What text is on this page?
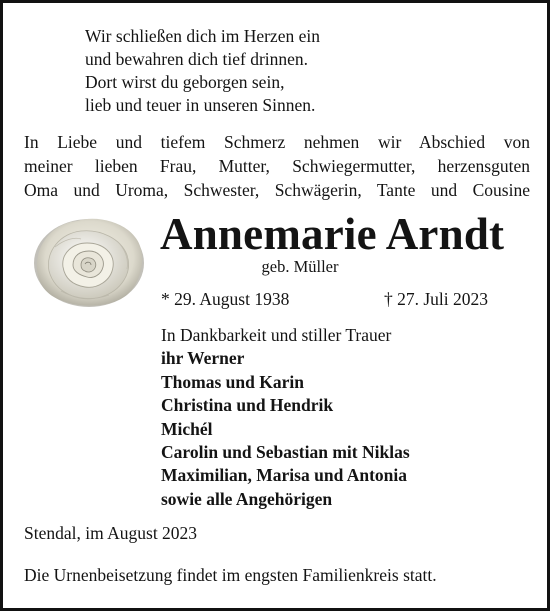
Wir schließen dich im Herzen ein
und bewahren dich tief drinnen.
Dort wirst du geborgen sein,
lieb und teuer in unseren Sinnen.
In Liebe und tiefem Schmerz nehmen wir Abschied von
meiner lieben Frau, Mutter, Schwiegermutter, herzensguten
Oma und Uroma, Schwester, Schwägerin, Tante und Cousine
Annemarie Arndt
geb. Müller
* 29. August 1938	† 27. Juli 2023
In Dankbarkeit und stiller Trauer
ihr Werner
Thomas und Karin
Christina und Hendrik
Michél
Carolin und Sebastian mit Niklas
Maximilian, Marisa und Antonia
sowie alle Angehörigen
Stendal, im August 2023
Die Urnenbeisetzung findet im engsten Familienkreis statt.
